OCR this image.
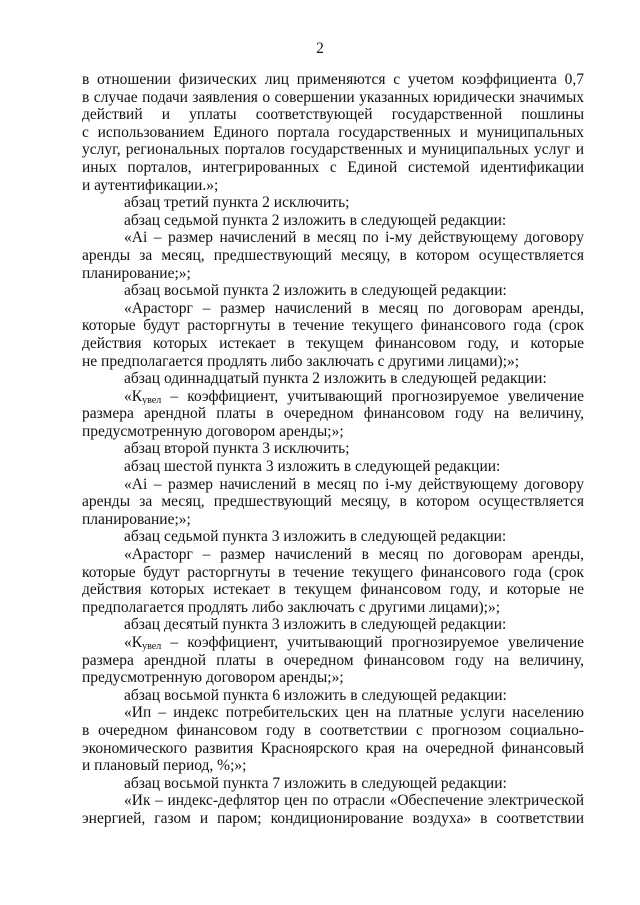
2
в отношении физических лиц применяются с учетом коэффициента 0,7
в случае подачи заявления о совершении указанных юридически значимых
действий и уплаты соответствующей государственной пошлины
с использованием Единого портала государственных и муниципальных
услуг, региональных порталов государственных и муниципальных услуг и
иных порталов, интегрированных с Единой системой идентификации
и аутентификации.»;
абзац третий пункта 2 исключить;
абзац седьмой пункта 2 изложить в следующей редакции:
«Аi – размер начислений в месяц по i-му действующему договору
аренды за месяц, предшествующий месяцу, в котором осуществляется
планирование;»;
абзац восьмой пункта 2 изложить в следующей редакции:
«Арасторг – размер начислений в месяц по договорам аренды,
которые будут расторгнуты в течение текущего финансового года (срок
действия которых истекает в текущем финансовом году, и которые
не предполагается продлять либо заключать с другими лицами);»;
абзац одиннадцатый пункта 2 изложить в следующей редакции:
«$К_{увел}$ – коэффициент, учитывающий прогнозируемое увеличение
размера арендной платы в очередном финансовом году на величину,
предусмотренную договором аренды;»;
абзац второй пункта 3 исключить;
абзац шестой пункта 3 изложить в следующей редакции:
«Аi – размер начислений в месяц по i-му действующему договору
аренды за месяц, предшествующий месяцу, в котором осуществляется
планирование;»;
абзац седьмой пункта 3 изложить в следующей редакции:
«Арасторг – размер начислений в месяц по договорам аренды,
которые будут расторгнуты в течение текущего финансового года (срок
действия которых истекает в текущем финансовом году, и которые не
предполагается продлять либо заключать с другими лицами);»;
абзац десятый пункта 3 изложить в следующей редакции:
«$К_{увел}$ – коэффициент, учитывающий прогнозируемое увеличение
размера арендной платы в очередном финансовом году на величину,
предусмотренную договором аренды;»;
абзац восьмой пункта 6 изложить в следующей редакции:
«Ип – индекс потребительских цен на платные услуги населению
в очередном финансовом году в соответствии с прогнозом социально-
экономического развития Красноярского края на очередной финансовый
и плановый период, %;»;
абзац восьмой пункта 7 изложить в следующей редакции:
«Ик – индекс-дефлятор цен по отрасли «Обеспечение электрической
энергией, газом и паром; кондиционирование воздуха» в соответствии
